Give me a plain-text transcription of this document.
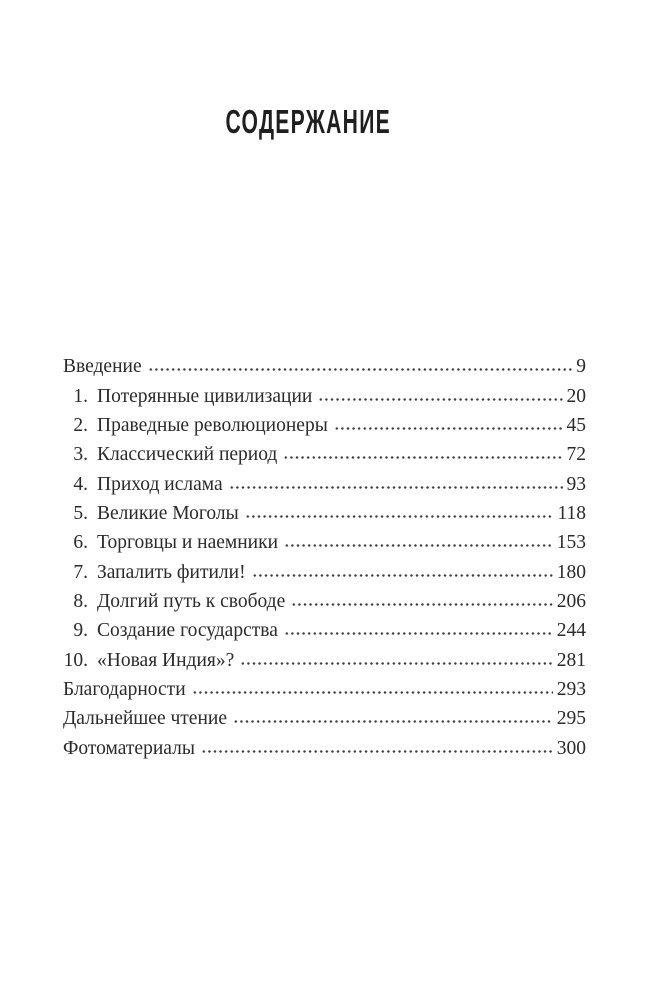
СОДЕРЖАНИЕ
Введение	9
1. Потерянные цивилизации	20
2. Праведные революционеры	45
3. Классический период	72
4. Приход ислама	93
5. Великие Моголы	118
6. Торговцы и наемники	153
7. Запалить фитили!	180
8. Долгий путь к свободе	206
9. Создание государства	244
10. «Новая Индия»?	281
Благодарности	293
Дальнейшее чтение	295
Фотоматериалы	300
